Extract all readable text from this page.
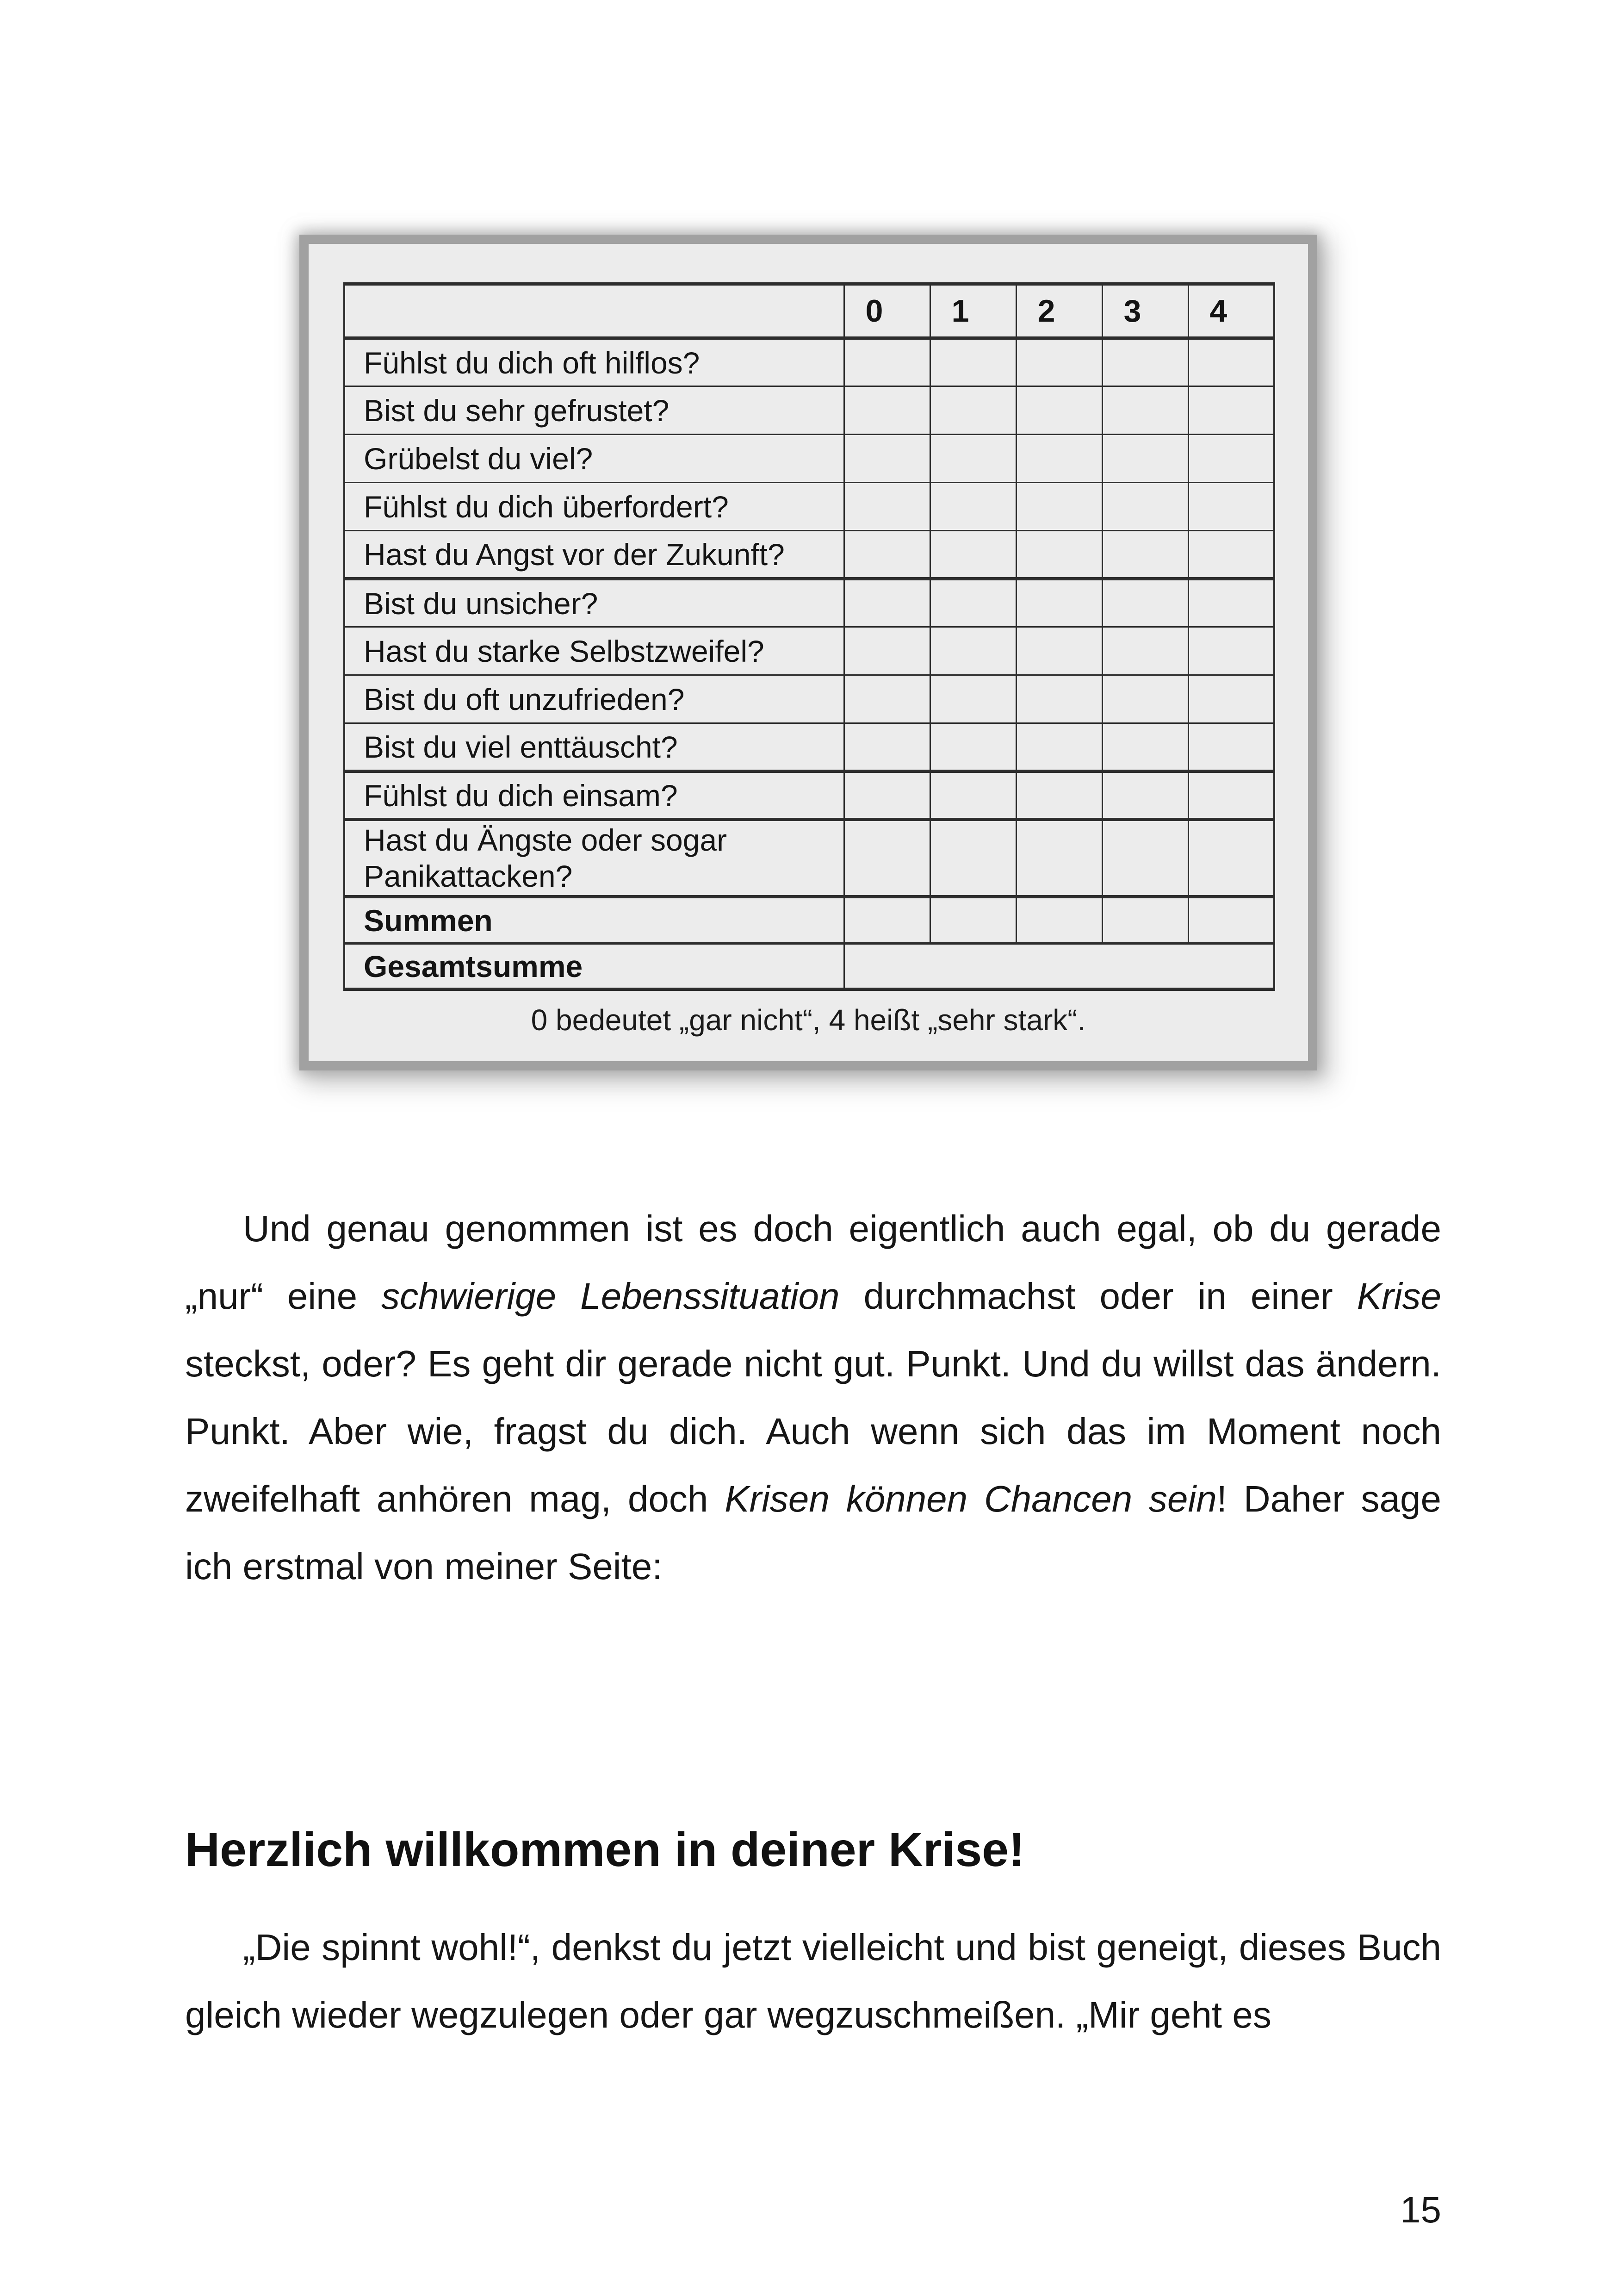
	0	1	2	3	4
Fühlst du dich oft hilflos?					
Bist du sehr gefrustet?					
Grübelst du viel?					
Fühlst du dich überfordert?					
Hast du Angst vor der Zukunft?					
Bist du unsicher?					
Hast du starke Selbstzweifel?					
Bist du oft unzufrieden?					
Bist du viel enttäuscht?					
Fühlst du dich einsam?					
Hast du Ängste oder sogar Panikattacken?					
Summen					
Gesamtsumme					
0 bedeutet „gar nicht“, 4 heißt „sehr stark“.
Und genau genommen ist es doch eigentlich auch egal, ob du gerade „nur“ eine schwierige Lebenssituation durchmachst oder in einer Krise steckst, oder? Es geht dir gerade nicht gut. Punkt. Und du willst das ändern. Punkt. Aber wie, fragst du dich. Auch wenn sich das im Moment noch zweifelhaft anhören mag, doch Krisen können Chancen sein! Daher sage ich erstmal von meiner Seite:
Herzlich willkommen in deiner Krise!
„Die spinnt wohl!“, denkst du jetzt vielleicht und bist geneigt, dieses Buch gleich wieder wegzulegen oder gar wegzuschmeißen. „Mir geht es
15
